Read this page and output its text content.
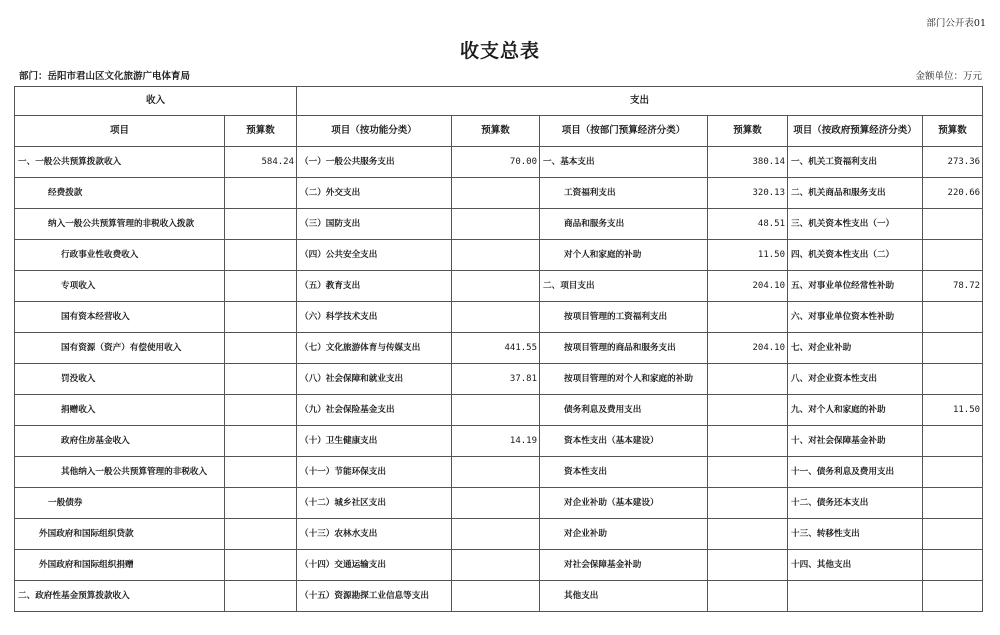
部门公开表01
收支总表
部门：岳阳市君山区文化旅游广电体育局	金额单位：万元
收入		支出					
项目	预算数	项目（按功能分类）	预算数	项目（按部门预算经济分类）	预算数	项目（按政府预算经济分类）	预算数
一、一般公共预算拨款收入	584.24	（一）一般公共服务支出	70.00	一、基本支出	380.14	一、机关工资福利支出	273.36
经费拨款		（二）外交支出		工资福利支出	320.13	二、机关商品和服务支出	220.66
纳入一般公共预算管理的非税收入拨款		（三）国防支出		商品和服务支出	48.51	三、机关资本性支出（一）	
行政事业性收费收入		（四）公共安全支出		对个人和家庭的补助	11.50	四、机关资本性支出（二）	
专项收入		（五）教育支出		二、项目支出	204.10	五、对事业单位经常性补助	78.72
国有资本经营收入		（六）科学技术支出		按项目管理的工资福利支出		六、对事业单位资本性补助	
国有资源（资产）有偿使用收入		（七）文化旅游体育与传媒支出	441.55	按项目管理的商品和服务支出	204.10	七、对企业补助	
罚没收入		（八）社会保障和就业支出	37.81	按项目管理的对个人和家庭的补助		八、对企业资本性支出	
捐赠收入		（九）社会保险基金支出		债务利息及费用支出		九、对个人和家庭的补助	11.50
政府住房基金收入		（十）卫生健康支出	14.19	资本性支出（基本建设）		十、对社会保障基金补助	
其他纳入一般公共预算管理的非税收入		（十一）节能环保支出		资本性支出		十一、债务利息及费用支出	
一般债券		（十二）城乡社区支出		对企业补助（基本建设）		十二、债务还本支出	
外国政府和国际组织贷款		（十三）农林水支出		对企业补助		十三、转移性支出	
外国政府和国际组织捐赠		（十四）交通运输支出		对社会保障基金补助		十四、其他支出	
二、政府性基金预算拨款收入		（十五）资源勘探工业信息等支出		其他支出			
